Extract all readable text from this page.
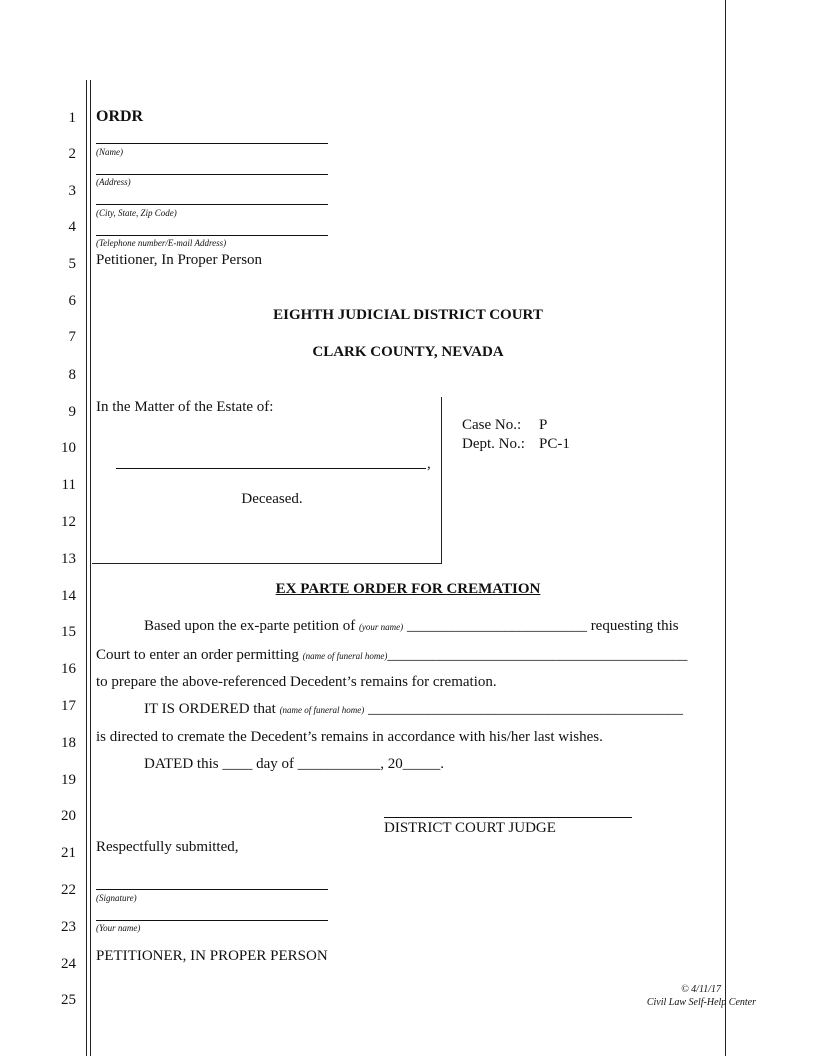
1
2
3
4
5
6
7
8
9
10
11
12
13
14
15
16
17
18
19
20
21
22
23
24
25
ORDR
(Name)
(Address)
(City, State, Zip Code)
(Telephone number/E-mail Address)
Petitioner, In Proper Person
EIGHTH JUDICIAL DISTRICT COURT
CLARK COUNTY, NEVADA
In the Matter of the Estate of:
,
Deceased.
Case No.: P
Dept. No.: PC-1
EX PARTE ORDER FOR CREMATION
Based upon the ex-parte petition of (your name) ________________________ requesting this
Court to enter an order permitting (name of funeral home)________________________________________
to prepare the above-referenced Decedent’s remains for cremation.
IT IS ORDERED that (name of funeral home) __________________________________________
is directed to cremate the Decedent’s remains in accordance with his/her last wishes.
DATED this ____ day of ___________, 20_____.
DISTRICT COURT JUDGE
Respectfully submitted,
(Signature)
(Your name)
PETITIONER, IN PROPER PERSON
© 4/11/17
Civil Law Self-Help Center
